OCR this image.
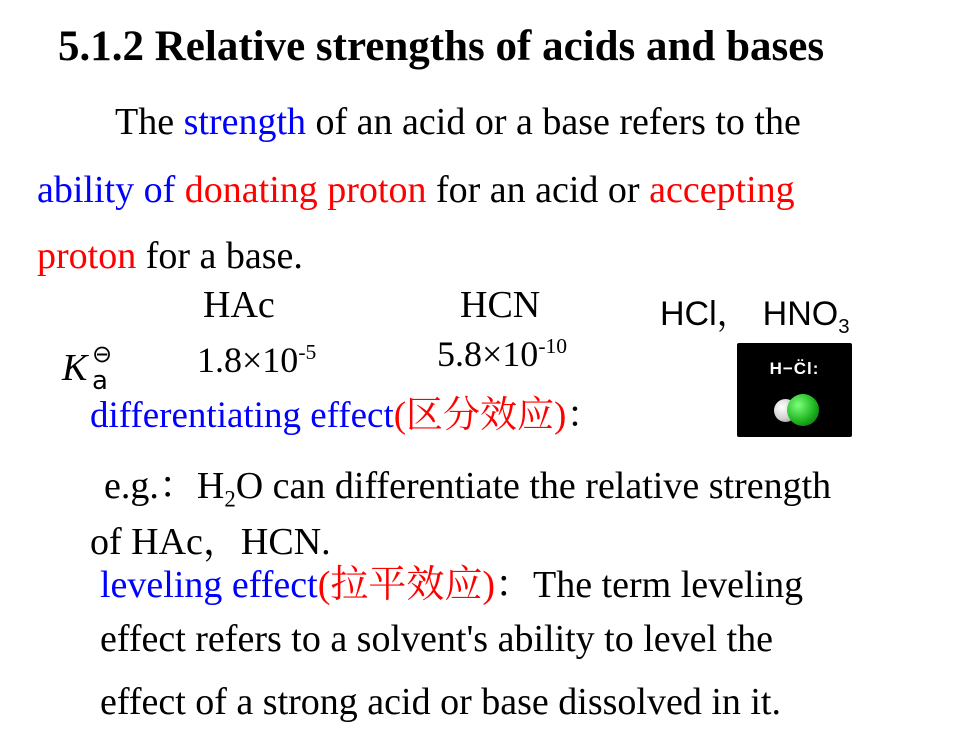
5.1.2 Relative strengths of acids and bases
The strength of an acid or a base refers to the
ability of donating proton for an acid or accepting
proton for a base.
HAc	HCN	HCl， $HNO_3$
K ⊖
a
$1.8\times 10^{-5}$	$5.8\times 10^{-10}$
H−C̈l:
differentiating effect(区分效应)：
e.g.：$H_2O$ can differentiate the relative strength
of HAc，HCN.
leveling effect(拉平效应)：The term leveling
effect refers to a solvent's ability to level the
effect of a strong acid or base dissolved in it.
